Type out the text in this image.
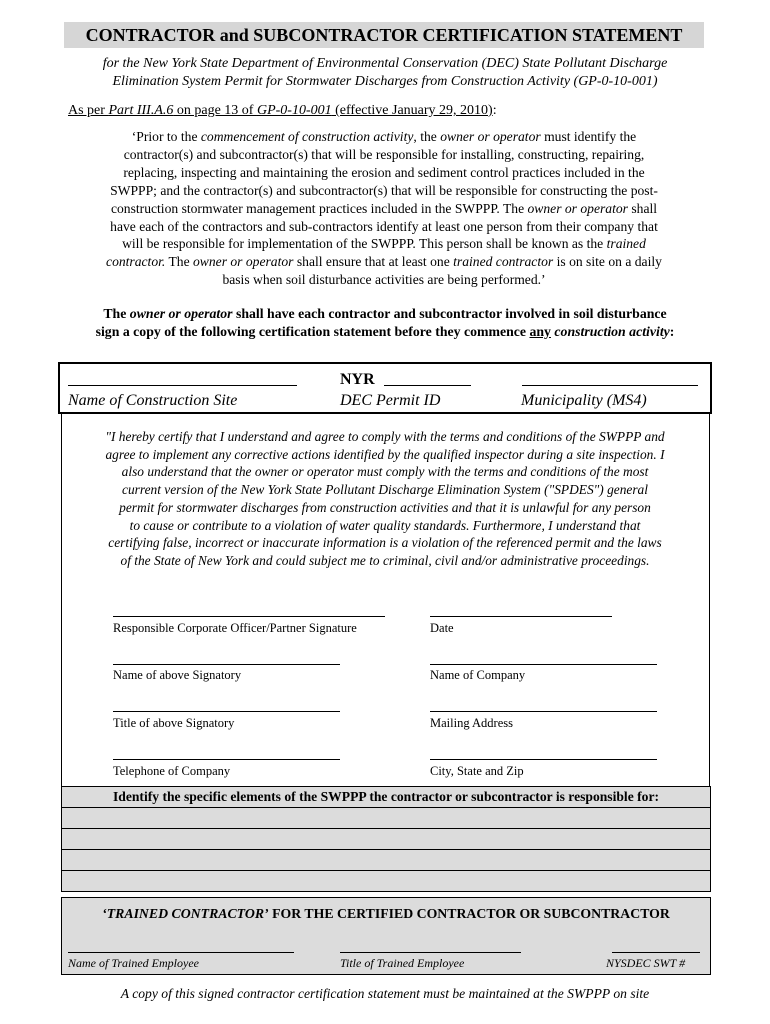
CONTRACTOR and SUBCONTRACTOR CERTIFICATION STATEMENT
for the New York State Department of Environmental Conservation (DEC) State Pollutant Discharge
Elimination System Permit for Stormwater Discharges from Construction Activity (GP-0-10-001)
As per Part III.A.6 on page 13 of GP-0-10-001 (effective January 29, 2010):
‘Prior to the commencement of construction activity, the owner or operator must identify the
contractor(s) and subcontractor(s) that will be responsible for installing, constructing, repairing,
replacing, inspecting and maintaining the erosion and sediment control practices included in the
SWPPP; and the contractor(s) and subcontractor(s) that will be responsible for constructing the post-
construction stormwater management practices included in the SWPPP. The owner or operator shall
have each of the contractors and sub-contractors identify at least one person from their company that
will be responsible for implementation of the SWPPP. This person shall be known as the trained
contractor. The owner or operator shall ensure that at least one trained contractor is on site on a daily
basis when soil disturbance activities are being performed.’
The owner or operator shall have each contractor and subcontractor involved in soil disturbance
sign a copy of the following certification statement before they commence any construction activity:
Name of Construction Site
NYR
DEC Permit ID	Municipality (MS4)
"I hereby certify that I understand and agree to comply with the terms and conditions of the SWPPP and
agree to implement any corrective actions identified by the qualified inspector during a site inspection. I
also understand that the owner or operator must comply with the terms and conditions of the most
current version of the New York State Pollutant Discharge Elimination System ("SPDES") general
permit for stormwater discharges from construction activities and that it is unlawful for any person
to cause or contribute to a violation of water quality standards. Furthermore, I understand that
certifying false, incorrect or inaccurate information is a violation of the referenced permit and the laws
of the State of New York and could subject me to criminal, civil and/or administrative proceedings.
Responsible Corporate Officer/Partner Signature	Date
Name of above Signatory	Name of Company
Title of above Signatory	Mailing Address
Telephone of Company	City, State and Zip
Identify the specific elements of the SWPPP the contractor or subcontractor is responsible for:
‘TRAINED CONTRACTOR’ FOR THE CERTIFIED CONTRACTOR OR SUBCONTRACTOR
Name of Trained Employee	Title of Trained Employee	NYSDEC SWT #
A copy of this signed contractor certification statement must be maintained at the SWPPP on site
